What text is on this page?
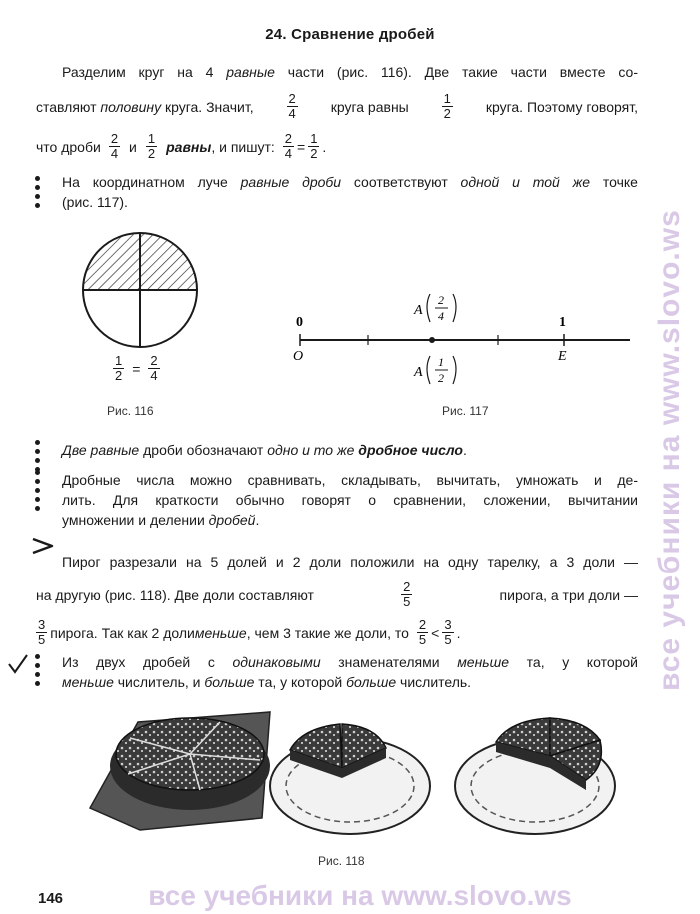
24. Сравнение дробей
Разделим круг на 4 равные части (рис. 116). Две такие части вместе со-
ставляют половину круга. Значит,	$\frac{2}{4}$ круга равны	$\frac{1}{2}$ круга. Поэтому говорят,
что дроби $\frac{2}{4}$ и $\frac{1}{2}$ равны , и пишут: $\frac{2}{4} = \frac{1}{2}$ .
На координатном луче равные дроби соответствуют одной и той же точке
(рис. 117).
$\frac{1}{2} = \frac{2}{4}$
Рис. 116
0	1
O	E
A
2
4
A
1
2
Рис. 117
Две равные дроби обозначают одно и то же дробное число.
Дробные числа можно сравнивать, складывать, вычитать, умножать и де-
лить. Для краткости обычно говорят о сравнении, сложении, вычитании
умножении и делении дробей.
Пирог разрезали на 5 долей и 2 доли положили на одну тарелку, а 3 доли —
на другую (рис. 118). Две доли составляют	$\frac{2}{5}$	пирога, а три доли —
$\frac{3}{5}$ пирога. Так как 2 доли меньше , чем 3 такие же доли, то $\frac{2}{5} < \frac{3}{5}$ .
Из двух дробей с одинаковыми знаменателями меньше та, у которой
меньше числитель, и больше та, у которой больше числитель.
Рис. 118
146
все учебники на www.slovo.ws
все учебники на www.slovo.ws
